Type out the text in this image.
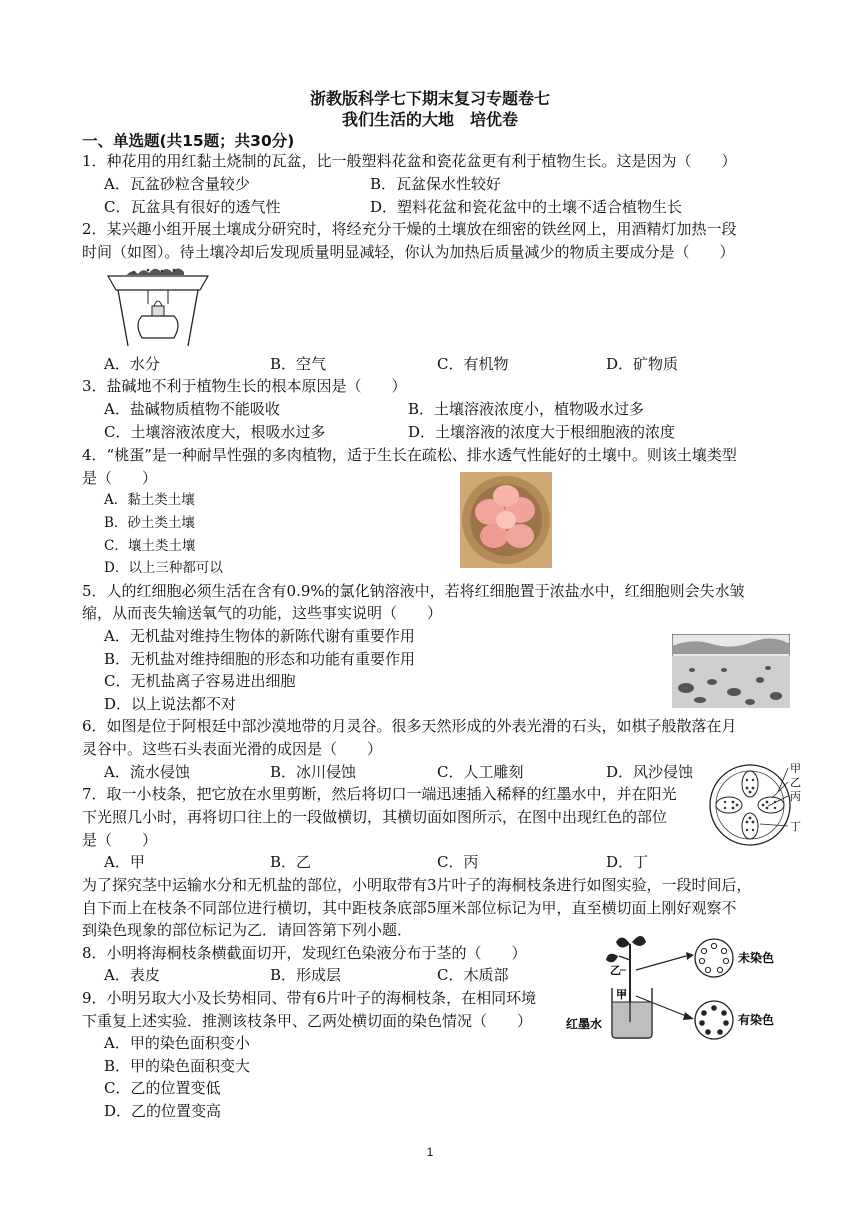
浙教版科学七下期末复习专题卷七
我们生活的大地　培优卷
一、单选题(共15题；共30分)
1．种花用的用红黏土烧制的瓦盆，比一般塑料花盆和瓷花盆更有利于植物生长。这是因为（　　）
A．瓦盆砂粒含量较少	B．瓦盆保水性较好
C．瓦盆具有很好的透气性	D．塑料花盆和瓷花盆中的土壤不适合植物生长
2．某兴趣小组开展土壤成分研究时，将经充分干燥的土壤放在细密的铁丝网上，用酒精灯加热一段
时间（如图）。待土壤冷却后发现质量明显减轻，你认为加热后质量减少的物质主要成分是（　　）
A．水分	B．空气	C．有机物	D．矿物质
3．盐碱地不利于植物生长的根本原因是（　　）
A．盐碱物质植物不能吸收	B．土壤溶液浓度小，植物吸水过多
C．土壤溶液浓度大，根吸水过多	D．土壤溶液的浓度大于根细胞液的浓度
4．“桃蛋”是一种耐旱性强的多肉植物，适于生长在疏松、排水透气性能好的土壤中。则该土壤类型
是（　　）
A．黏土类土壤
B．砂土类土壤
C．壤土类土壤
D．以上三种都可以
5．人的红细胞必须生活在含有0.9%的氯化钠溶液中，若将红细胞置于浓盐水中，红细胞则会失水皱
缩，从而丧失输送氧气的功能，这些事实说明（　　）
A．无机盐对维持生物体的新陈代谢有重要作用
B．无机盐对维持细胞的形态和功能有重要作用
C．无机盐离子容易进出细胞
D．以上说法都不对
6．如图是位于阿根廷中部沙漠地带的月灵谷。很多天然形成的外表光滑的石头，如棋子般散落在月
灵谷中。这些石头表面光滑的成因是（　　）
A．流水侵蚀	B．冰川侵蚀	C．人工雕刻	D．风沙侵蚀
7．取一小枝条，把它放在水里剪断，然后将切口一端迅速插入稀释的红墨水中，并在阳光
下光照几小时，再将切口往上的一段做横切，其横切面如图所示，在图中出现红色的部位
是（　　）
A．甲	B．乙	C．丙	D．丁
甲
乙
丙
丁
为了探究茎中运输水分和无机盐的部位，小明取带有3片叶子的海桐枝条进行如图实验，一段时间后，
自下而上在枝条不同部位进行横切，其中距枝条底部5厘米部位标记为甲，直至横切面上刚好观察不
到染色现象的部位标记为乙．请回答第下列小题．
8．小明将海桐枝条横截面切开，发现红色染液分布于茎的（　　）
A．表皮	B．形成层	C．木质部
9．小明另取大小及长势相同、带有6片叶子的海桐枝条，在相同环境
下重复上述实验．推测该枝条甲、乙两处横切面的染色情况（　　）
A．甲的染色面积变小
B．甲的染色面积变大
C．乙的位置变低
D．乙的位置变高
乙
甲
红墨水
未染色
有染色
1
